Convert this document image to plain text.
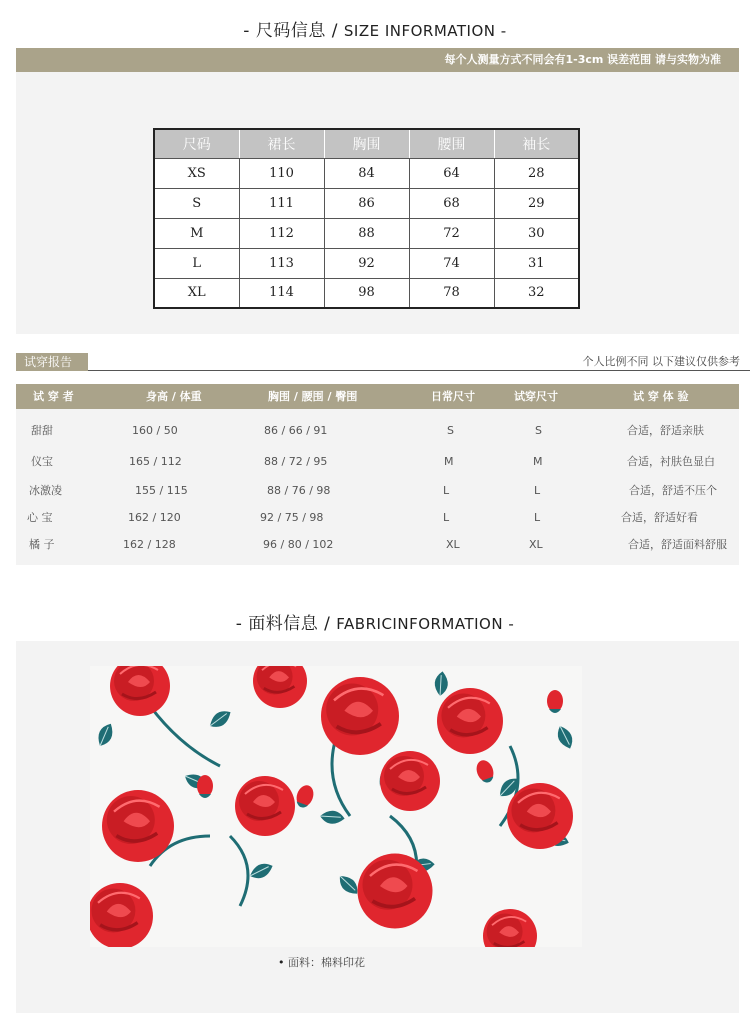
- 尺码信息 / SIZE INFORMATION -
每个人测量方式不同会有1-3cm 误差范围 请与实物为准
尺码	裙长	胸围	腰围	袖长
XS	110	84	64	28
S	111	86	68	29
M	112	88	72	30
L	113	92	74	31
XL	114	98	78	32
试穿报告	个人比例不同 以下建议仅供参考
试 穿 者	身高 / 体重	胸围 / 腰围 / 臀围	日常尺寸	试穿尺寸	试 穿 体 验
甜甜	160 / 50	86 / 66 / 91	S	S	合适，舒适亲肤
仪宝	165 / 112	88 / 72 / 95	M	M	合适，衬肤色显白
冰激凌	155 / 115	88 / 76 / 98	L	L	合适，舒适不压个
心 宝	162 / 120	92 / 75 / 98	L	L	合适，舒适好看
橘 子	162 / 128	96 / 80 / 102	XL	XL	合适，舒适面料舒服
- 面料信息 / FABRICINFORMATION -
• 面料：棉料印花
